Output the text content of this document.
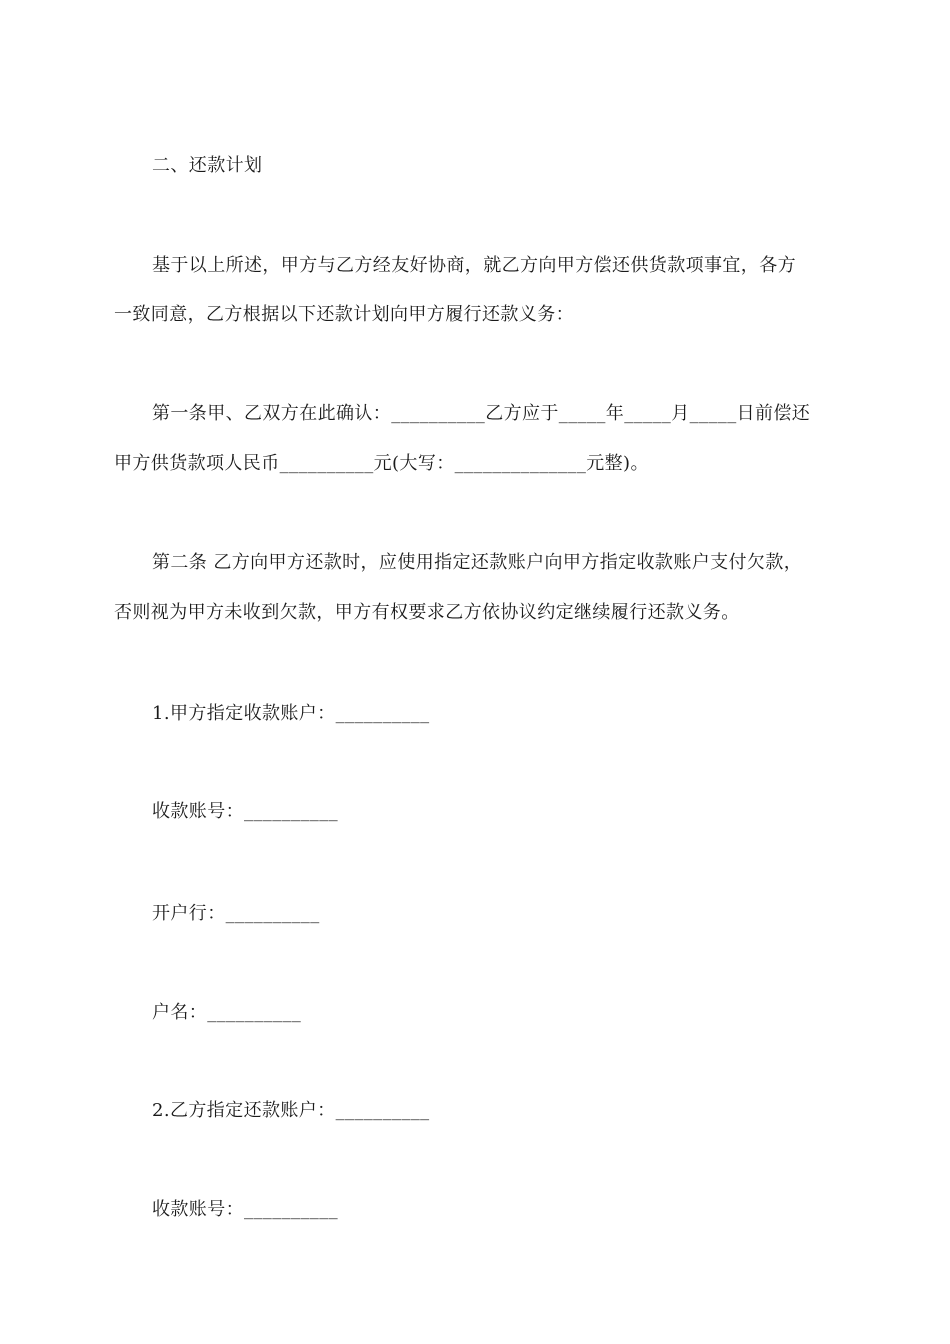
二、还款计划
基于以上所述，甲方与乙方经友好协商，就乙方向甲方偿还供货款项事宜，各方
一致同意，乙方根据以下还款计划向甲方履行还款义务：
第一条甲、乙双方在此确认：__________乙方应于_____年_____月_____日前偿还
甲方供货款项人民币__________元(大写：______________元整)。
第二条 乙方向甲方还款时，应使用指定还款账户向甲方指定收款账户支付欠款，
否则视为甲方未收到欠款，甲方有权要求乙方依协议约定继续履行还款义务。
1.甲方指定收款账户：__________
收款账号：__________
开户行：__________
户名：__________
2.乙方指定还款账户：__________
收款账号：__________
